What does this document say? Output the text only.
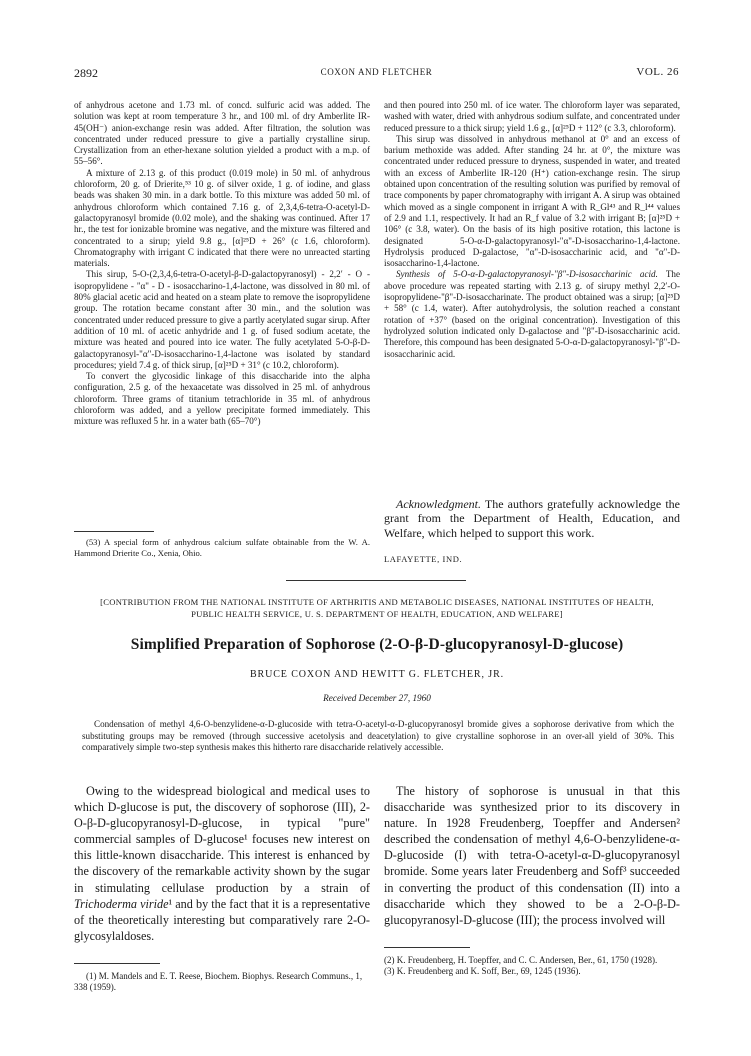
2892	COXON AND FLETCHER	VOL. 26

of anhydrous acetone and 1.73 ml. of concd. sulfuric acid was added. The solution was kept at room temperature 3 hr., and 100 ml. of dry Amberlite IR-45(OH⁻) anion-exchange resin was added. After filtration, the solution was concentrated under reduced pressure to give a partially crystalline sirup. Crystallization from an ether-hexane solution yielded a product with a m.p. of 55–56°.

A mixture of 2.13 g. of this product (0.019 mole) in 50 ml. of anhydrous chloroform, 20 g. of Drierite,⁵³ 10 g. of silver oxide, 1 g. of iodine, and glass beads was shaken 30 min. in a dark bottle. To this mixture was added 50 ml. of anhydrous chloroform which contained 7.16 g. of 2,3,4,6-tetra-O-acetyl-D-galactopyranosyl bromide (0.02 mole), and the shaking was continued. After 17 hr., the test for ionizable bromine was negative, and the mixture was filtered and concentrated to a sirup; yield 9.8 g., [α]²⁵D + 26° (c 1.6, chloroform). Chromatography with irrigant C indicated that there were no unreacted starting materials.

This sirup, 5-O-(2,3,4,6-tetra-O-acetyl-β-D-galactopyranosyl) - 2,2′ - O - isopropylidene - "α" - D - isosaccharino-1,4-lactone, was dissolved in 80 ml. of 80% glacial acetic acid and heated on a steam plate to remove the isopropylidene group. The rotation became constant after 30 min., and the solution was concentrated under reduced pressure to give a partly acetylated sugar sirup. After addition of 10 ml. of acetic anhydride and 1 g. of fused sodium acetate, the mixture was heated and poured into ice water. The fully acetylated 5-O-β-D-galactopyranosyl-"α"-D-isosaccharino-1,4-lactone was isolated by standard procedures; yield 7.4 g. of thick sirup, [α]²⁵D + 31° (c 10.2, chloroform).

To convert the glycosidic linkage of this disaccharide into the alpha configuration, 2.5 g. of the hexaacetate was dissolved in 25 ml. of anhydrous chloroform. Three grams of titanium tetrachloride in 35 ml. of anhydrous chloroform was added, and a yellow precipitate formed immediately. This mixture was refluxed 5 hr. in a water bath (65–70°)

(53) A special form of anhydrous calcium sulfate obtainable from the W. A. Hammond Drierite Co., Xenia, Ohio.

and then poured into 250 ml. of ice water. The chloroform layer was separated, washed with water, dried with anhydrous sodium sulfate, and concentrated under reduced pressure to a thick sirup; yield 1.6 g., [α]²⁵D + 112° (c 3.3, chloroform).

This sirup was dissolved in anhydrous methanol at 0° and an excess of barium methoxide was added. After standing 24 hr. at 0°, the mixture was concentrated under reduced pressure to dryness, suspended in water, and treated with an excess of Amberlite IR-120 (H⁺) cation-exchange resin. The sirup obtained upon concentration of the resulting solution was purified by removal of trace components by paper chromatography with irrigant A. A sirup was obtained which moved as a single component in irrigant A with R_Gl⁴³ and R_l⁴⁴ values of 2.9 and 1.1, respectively. It had an R_f value of 3.2 with irrigant B; [α]²⁵D + 106° (c 3.8, water). On the basis of its high positive rotation, this lactone is designated 5-O-α-D-galactopyranosyl-"α"-D-isosaccharino-1,4-lactone. Hydrolysis produced D-galactose, "α"-D-isosaccharinic acid, and "α"-D-isosaccharino-1,4-lactone.

Synthesis of 5-O-α-D-galactopyranosyl-"β"-D-isosaccharinic acid. The above procedure was repeated starting with 2.13 g. of sirupy methyl 2,2′-O-isopropylidene-"β"-D-isosaccharinate. The product obtained was a sirup; [α]²⁵D + 58° (c 1.4, water). After autohydrolysis, the solution reached a constant rotation of +37° (based on the original concentration). Investigation of this hydrolyzed solution indicated only D-galactose and "β"-D-isosaccharinic acid. Therefore, this compound has been designated 5-O-α-D-galactopyranosyl-"β"-D-isosaccharinic acid.

Acknowledgment. The authors gratefully acknowledge the grant from the Department of Health, Education, and Welfare, which helped to support this work.

LAFAYETTE, IND.
[CONTRIBUTION FROM THE NATIONAL INSTITUTE OF ARTHRITIS AND METABOLIC DISEASES, NATIONAL INSTITUTES OF HEALTH,
PUBLIC HEALTH SERVICE, U. S. DEPARTMENT OF HEALTH, EDUCATION, AND WELFARE]
Simplified Preparation of Sophorose (2-O-β-D-glucopyranosyl-D-glucose)
BRUCE COXON AND HEWITT G. FLETCHER, JR.
Received December 27, 1960

Condensation of methyl 4,6-O-benzylidene-α-D-glucoside with tetra-O-acetyl-α-D-glucopyranosyl bromide gives a sophorose derivative from which the substituting groups may be removed (through successive acetolysis and deacetylation) to give crystalline sophorose in an over-all yield of 30%. This comparatively simple two-step synthesis makes this hitherto rare disaccharide relatively accessible.

Owing to the widespread biological and medical uses to which D-glucose is put, the discovery of sophorose (III), 2-O-β-D-glucopyranosyl-D-glucose, in typical "pure" commercial samples of D-glucose¹ focuses new interest on this little-known disaccharide. This interest is enhanced by the discovery of the remarkable activity shown by the sugar in stimulating cellulase production by a strain of Trichoderma viride¹ and by the fact that it is a representative of the theoretically interesting but comparatively rare 2-O-glycosylaldoses.

The history of sophorose is unusual in that this disaccharide was synthesized prior to its discovery in nature. In 1928 Freudenberg, Toepffer and Andersen² described the condensation of methyl 4,6-O-benzylidene-α-D-glucoside (I) with tetra-O-acetyl-α-D-glucopyranosyl bromide. Some years later Freudenberg and Soff³ succeeded in converting the product of this condensation (II) into a disaccharide which they showed to be a 2-O-β-D-glucopyranosyl-D-glucose (III); the process involved will

(1) M. Mandels and E. T. Reese, Biochem. Biophys. Research Communs., 1, 338 (1959).

(2) K. Freudenberg, H. Toepffer, and C. C. Andersen, Ber., 61, 1750 (1928).

(3) K. Freudenberg and K. Soff, Ber., 69, 1245 (1936).
